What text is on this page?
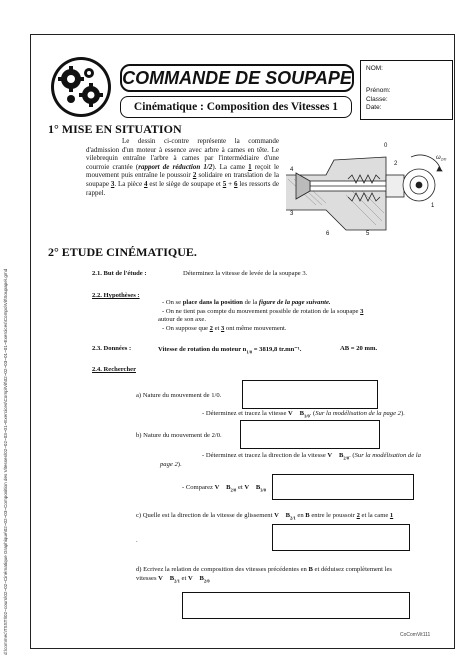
d:\commec\TSSTI\02~cours\02~02~Cinématique Graphique\02~02~03~Composition des Vitesses\02~02~03~01~Exercices\Comp\Vit\02~02~03~01~01~Exercices\Compo\Vit\Soupape\.gmd
COMMANDE DE SOUPAPE
Cinématique : Composition des Vitesses 1
NOM:
Prénom:
Classe:
Date:
1° MISE EN SITUATION
Le dessin ci-contre représente la commande d'admission d'un moteur à essence avec arbre à cames en tête. Le vilebrequin entraîne l'arbre à cames par l'intermédiaire d'une courroie crantée (rapport de réduction 1/2). La came 1 reçoit le mouvement puis entraîne le poussoir 2 solidaire en translation de la soupape 3. La pièce 4 est le siège de soupape et 5 + 6 les ressorts de rappel.
0
1
2
3
4
5
6
$\omega_{1/0}$
2° ETUDE CINÉMATIQUE.
2.1. But de l'étude :	Déterminez la vitesse de levée de la soupape 3.
2.2. Hypothèses :
- On se place dans la position de la figure de la page suivante.
- On ne tient pas compte du mouvement possible de rotation de la soupape 3
autour de son axe.
- On suppose que 2 et 3 ont même mouvement.
2.3. Données :	Vitesse de rotation du moteur $n_{1/0} = 3819,8$ tr.mn⁻¹.	AB = 20 mm.
2.4. Rechercher
a) Nature du mouvement de 1/0.
- Déterminez et tracez la vitesse V⃗ $B_{1/0}$. (Sur la modélisation de la page 2).
b) Nature du mouvement de 2/0.
- Déterminez et tracez la direction de la vitesse V⃗ $B_{2/0}$. (Sur la modélisation de la
page 2).
- Comparez V⃗ $B_{2/0}$ et V⃗ $B_{3/0}$
c) Quelle est la direction de la vitesse de glissement V⃗ $B_{2/1}$ en B entre le poussoir 2 et la came 1
.
d) Ecrivez la relation de composition des vitesses précédentes en B et déduisez complètement les
vitesses V⃗ $B_{2/1}$ et V⃗ $B_{2/0}$
CoComVit111
